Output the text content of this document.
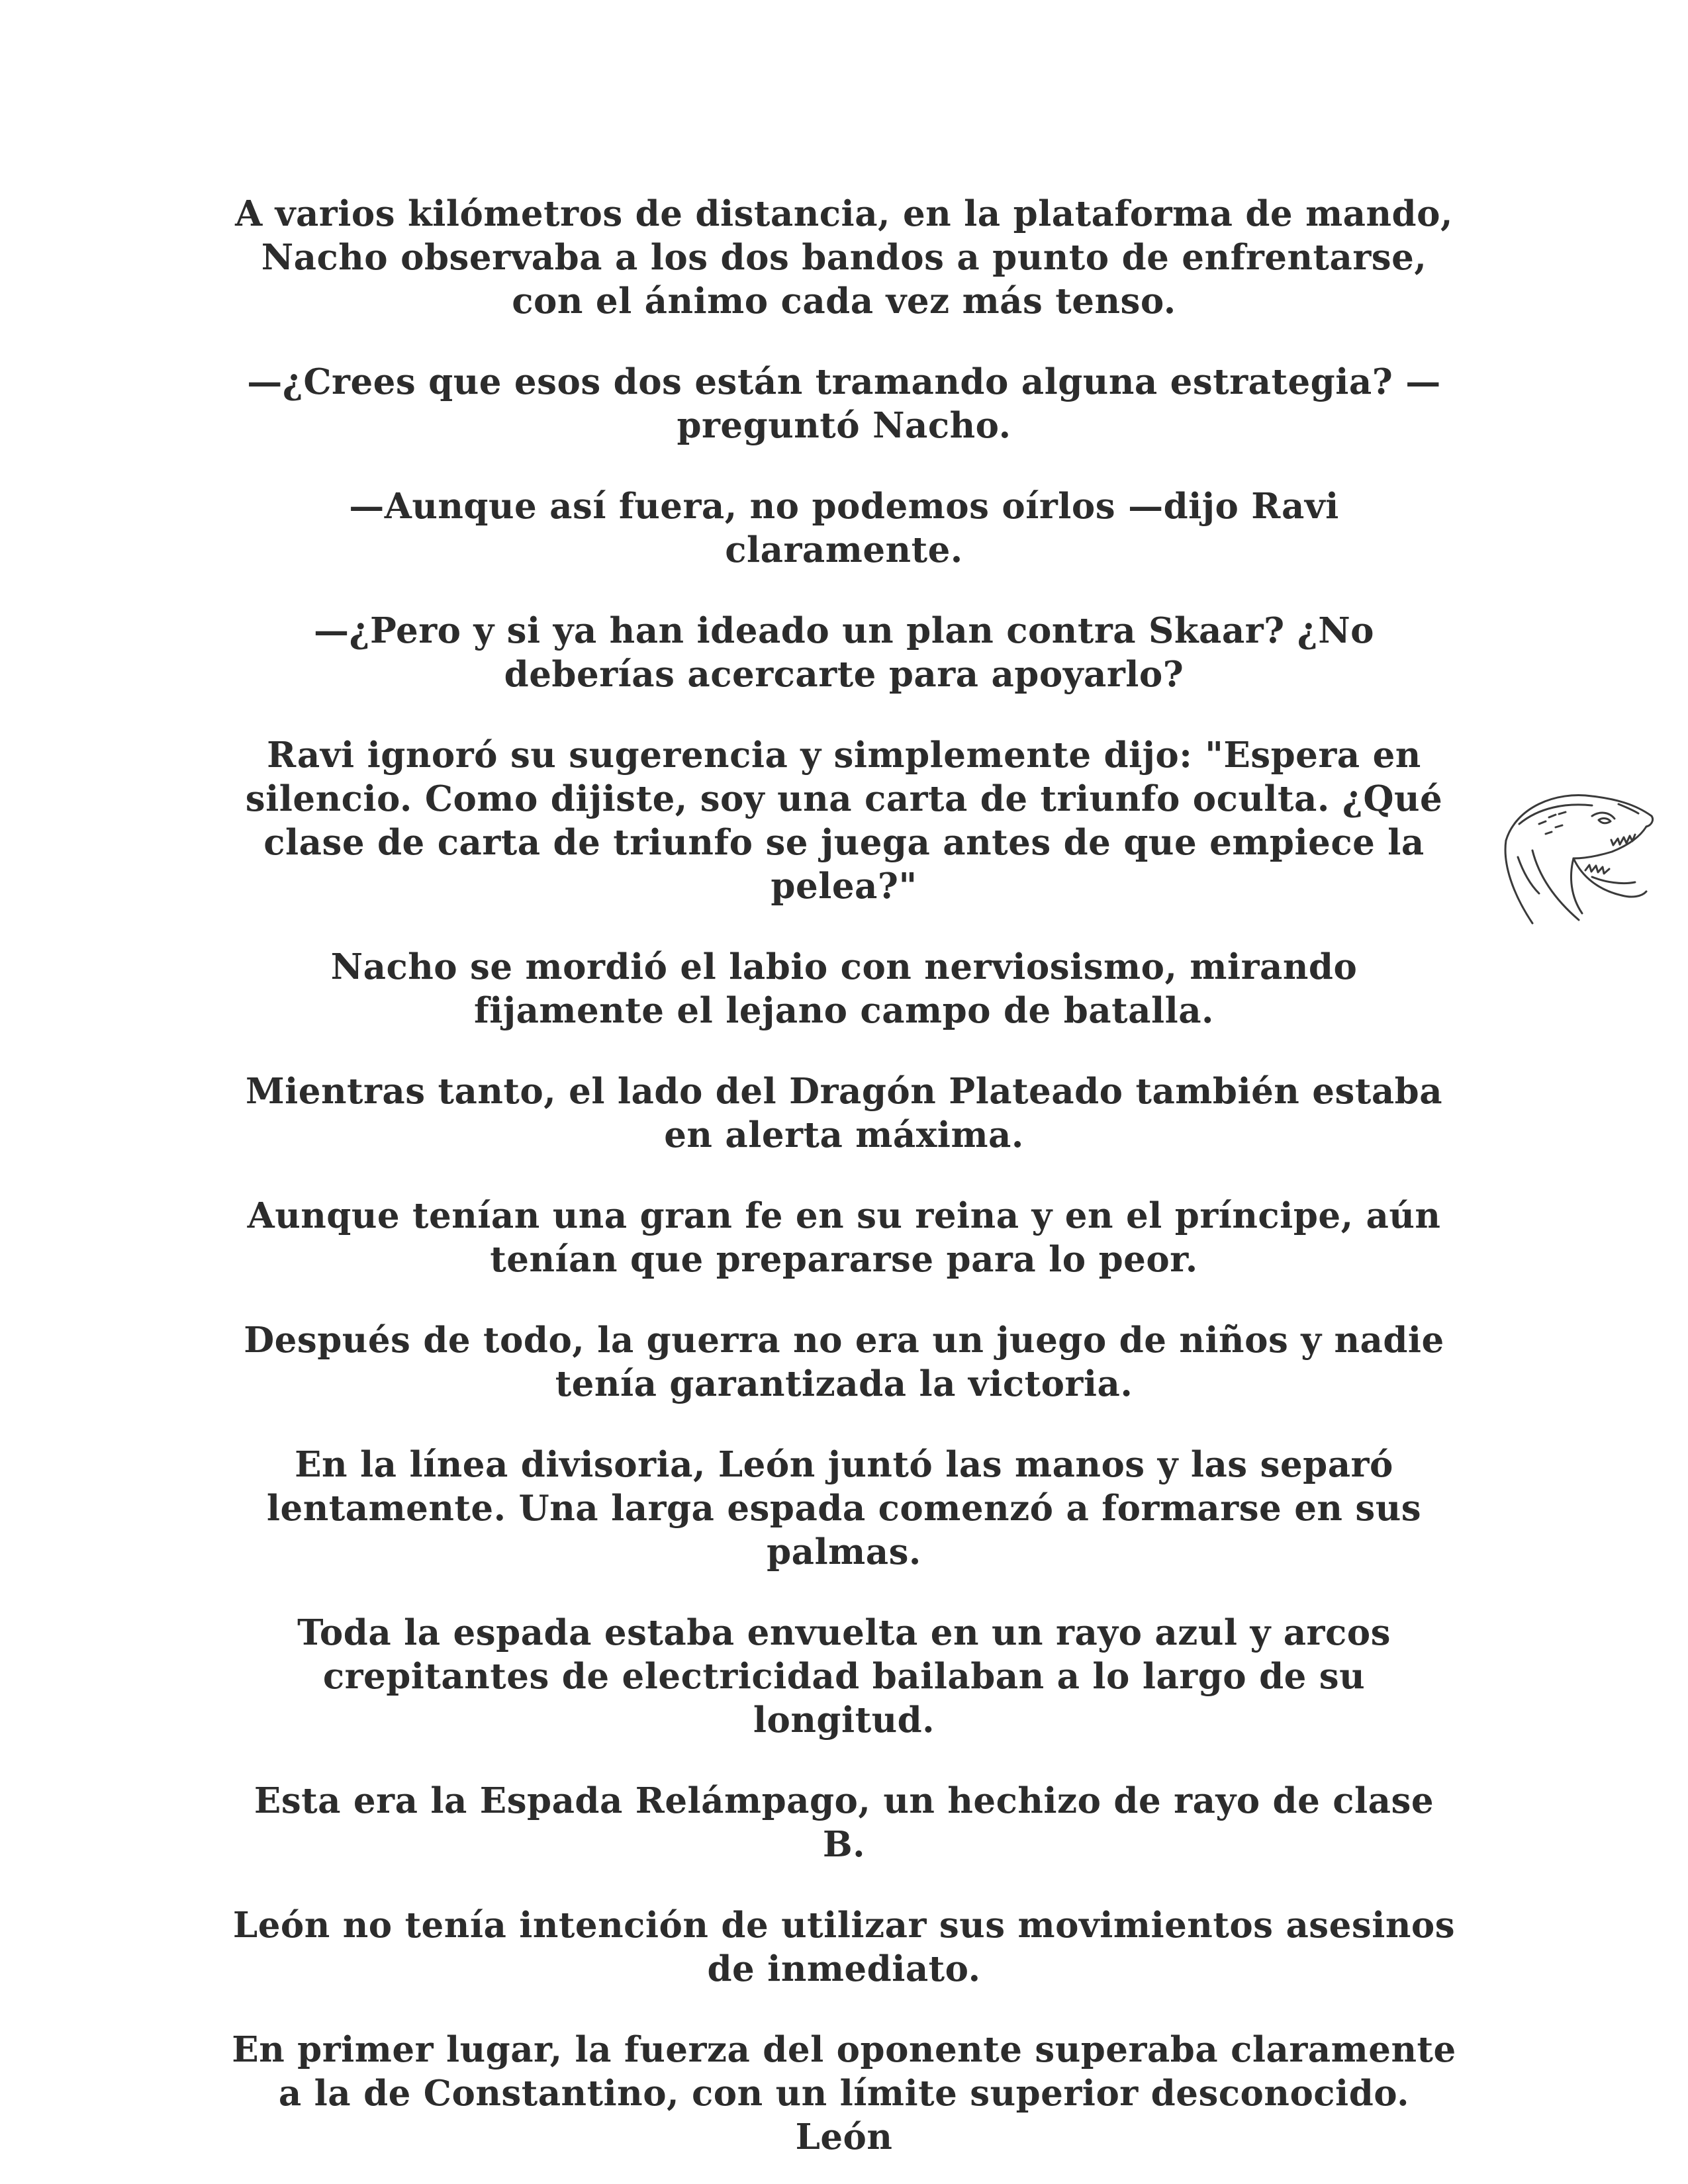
A varios kilómetros de distancia, en la plataforma de mando, Nacho observaba a los dos bandos a punto de enfrentarse, con el ánimo cada vez más tenso.

—¿Crees que esos dos están tramando alguna estrategia? —preguntó Nacho.

—Aunque así fuera, no podemos oírlos —dijo Ravi claramente.

—¿Pero y si ya han ideado un plan contra Skaar? ¿No deberías acercarte para apoyarlo?

Ravi ignoró su sugerencia y simplemente dijo: "Espera en silencio. Como dijiste, soy una carta de triunfo oculta. ¿Qué clase de carta de triunfo se juega antes de que empiece la pelea?"

Nacho se mordió el labio con nerviosismo, mirando fijamente el lejano campo de batalla.

Mientras tanto, el lado del Dragón Plateado también estaba en alerta máxima.

Aunque tenían una gran fe en su reina y en el príncipe, aún tenían que prepararse para lo peor.

Después de todo, la guerra no era un juego de niños y nadie tenía garantizada la victoria.

En la línea divisoria, León juntó las manos y las separó lentamente. Una larga espada comenzó a formarse en sus palmas.

Toda la espada estaba envuelta en un rayo azul y arcos crepitantes de electricidad bailaban a lo largo de su longitud.

Esta era la Espada Relámpago, un hechizo de rayo de clase B.

León no tenía intención de utilizar sus movimientos asesinos de inmediato.

En primer lugar, la fuerza del oponente superaba claramente a la de Constantino, con un límite superior desconocido. León
